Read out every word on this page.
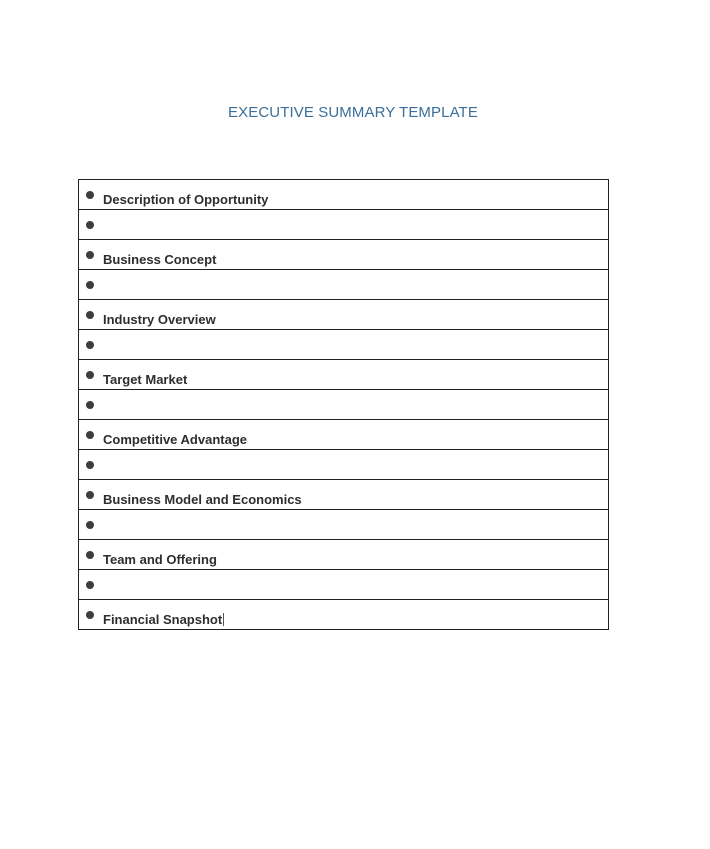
EXECUTIVE SUMMARY TEMPLATE
Description of Opportunity

Business Concept

Industry Overview

Target Market

Competitive Advantage

Business Model and Economics

Team and Offering

Financial Snapshot
